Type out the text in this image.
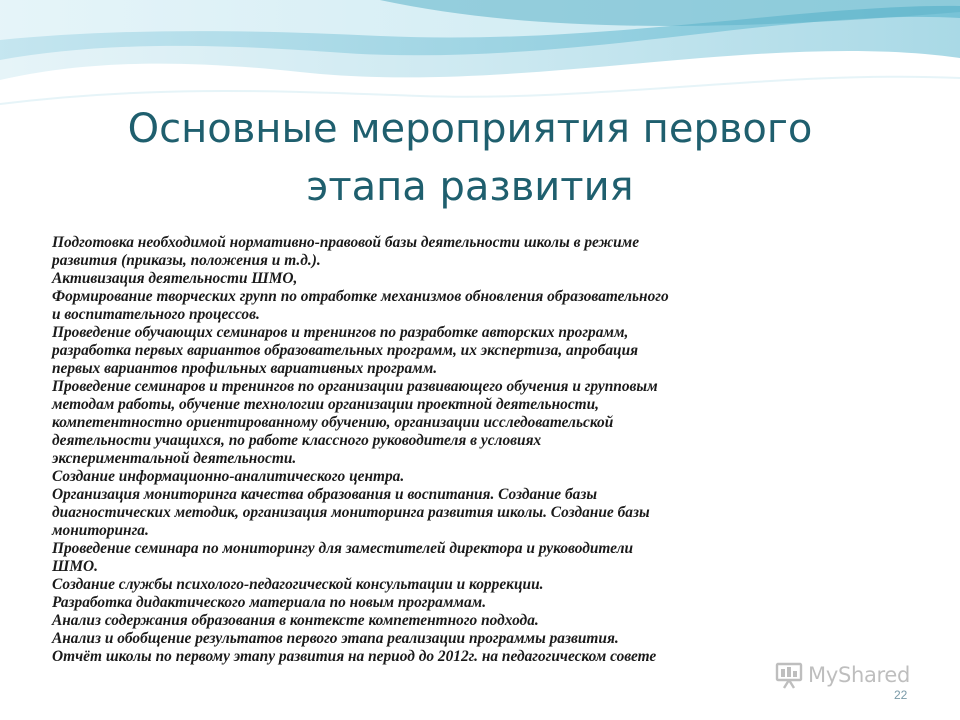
Основные мероприятия первого
этапа развития
Подготовка необходимой нормативно-правовой базы деятельности школы в режиме
развития (приказы, положения и т.д.).
Активизация деятельности ШМО,
Формирование творческих групп по отработке механизмов обновления образовательного
и воспитательного процессов.
Проведение обучающих семинаров и тренингов по разработке авторских программ,
разработка первых вариантов образовательных программ, их экспертиза, апробация
первых вариантов профильных вариативных программ.
Проведение семинаров и тренингов по организации развивающего обучения и групповым
методам работы, обучение технологии организации проектной деятельности,
компетентностно ориентированному обучению, организации исследовательской
деятельности учащихся, по работе классного руководителя в условиях
экспериментальной деятельности.
Создание информационно-аналитического центра.
Организация мониторинга качества образования и воспитания. Создание базы
диагностических методик, организация мониторинга развития школы. Создание базы
мониторинга.
Проведение семинара по мониторингу для заместителей директора и руководители
ШМО.
Создание службы психолого-педагогической консультации и коррекции.
Разработка дидактического материала по новым программам.
Анализ содержания образования в контексте компетентного подхода.
Анализ и обобщение результатов первого этапа реализации программы развития.
Отчёт школы по первому этапу развития на период до 2012г. на педагогическом совете
MyShared
22
